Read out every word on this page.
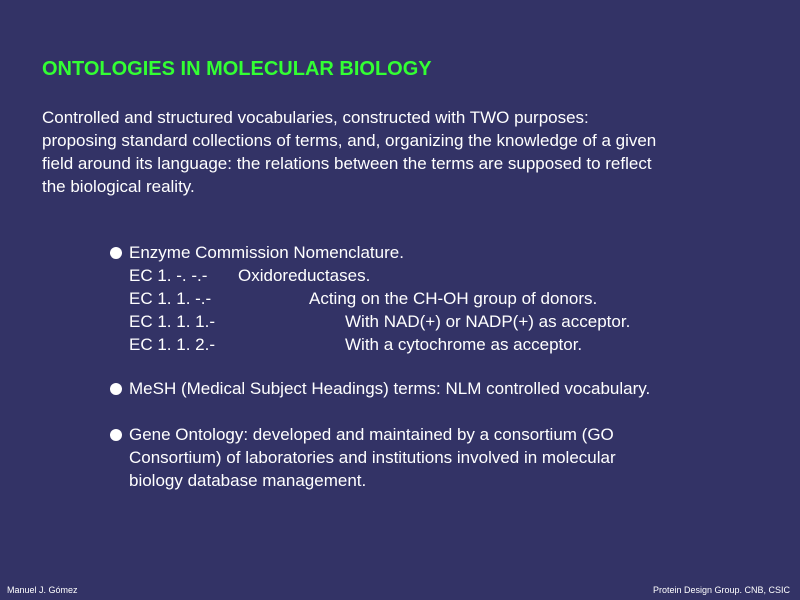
ONTOLOGIES IN MOLECULAR BIOLOGY
Controlled and structured vocabularies, constructed with TWO purposes:
proposing standard collections of terms, and, organizing the knowledge of a given
field around its language: the relations between the terms are supposed to reflect
the biological reality.
Enzyme Commission Nomenclature.
EC 1. -. -.- Oxidoreductases.
EC 1. 1. -.-	Acting on the CH-OH group of donors.
EC 1. 1. 1.-	With NAD(+) or NADP(+) as acceptor.
EC 1. 1. 2.-	With a cytochrome as acceptor.
MeSH (Medical Subject Headings) terms: NLM controlled vocabulary.
Gene Ontology: developed and maintained by a consortium (GO
Consortium) of laboratories and institutions involved in molecular
biology database management.
Manuel J. Gómez	Protein Design Group. CNB, CSIC
